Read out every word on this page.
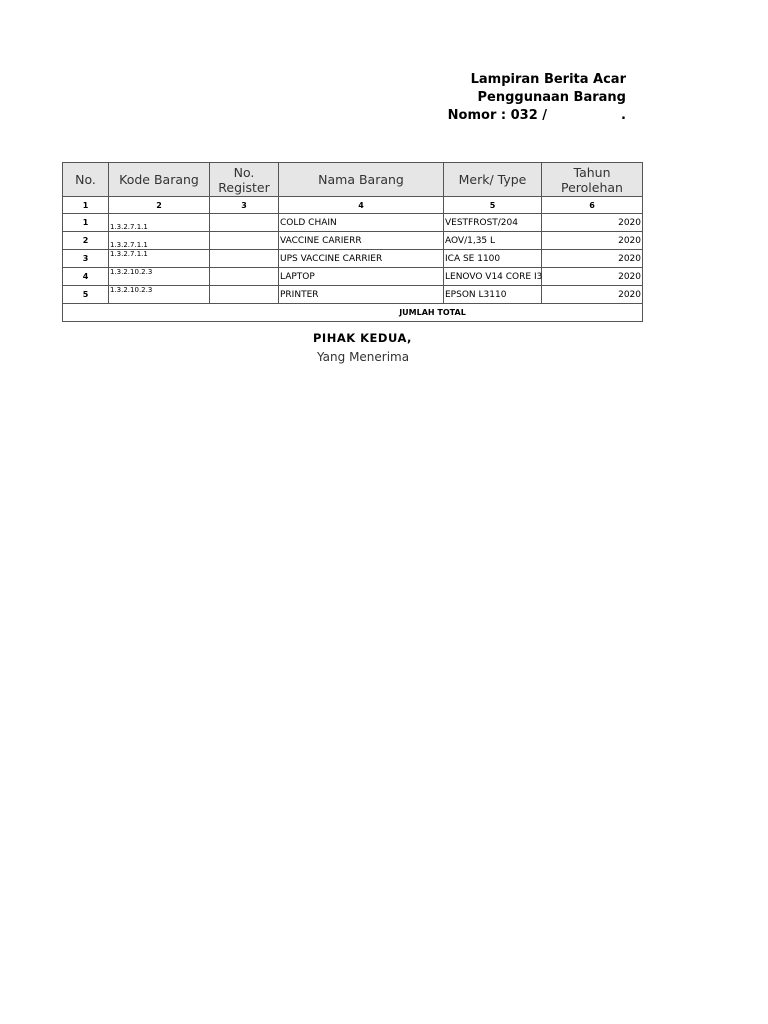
Lampiran Berita Acar
Penggunaan Barang
Nomor : 032 /	.
No.	Kode Barang	No. Register	Nama Barang	Merk/ Type	Tahun Perolehan
1	2	3	4	5	6
1	1.3.2.7.1.1		COLD CHAIN	VESTFROST/204	2020
2	1.3.2.7.1.1		VACCINE CARIERR	AOV/1,35 L	2020
3	1.3.2.7.1.1		UPS VACCINE CARRIER	ICA SE 1100	2020
4	1.3.2.10.2.3		LAPTOP	LENOVO V14 CORE I3	2020
5	1.3.2.10.2.3		PRINTER	EPSON L3110	2020
JUMLAH TOTAL					
PIHAK KEDUA,
Yang Menerima
